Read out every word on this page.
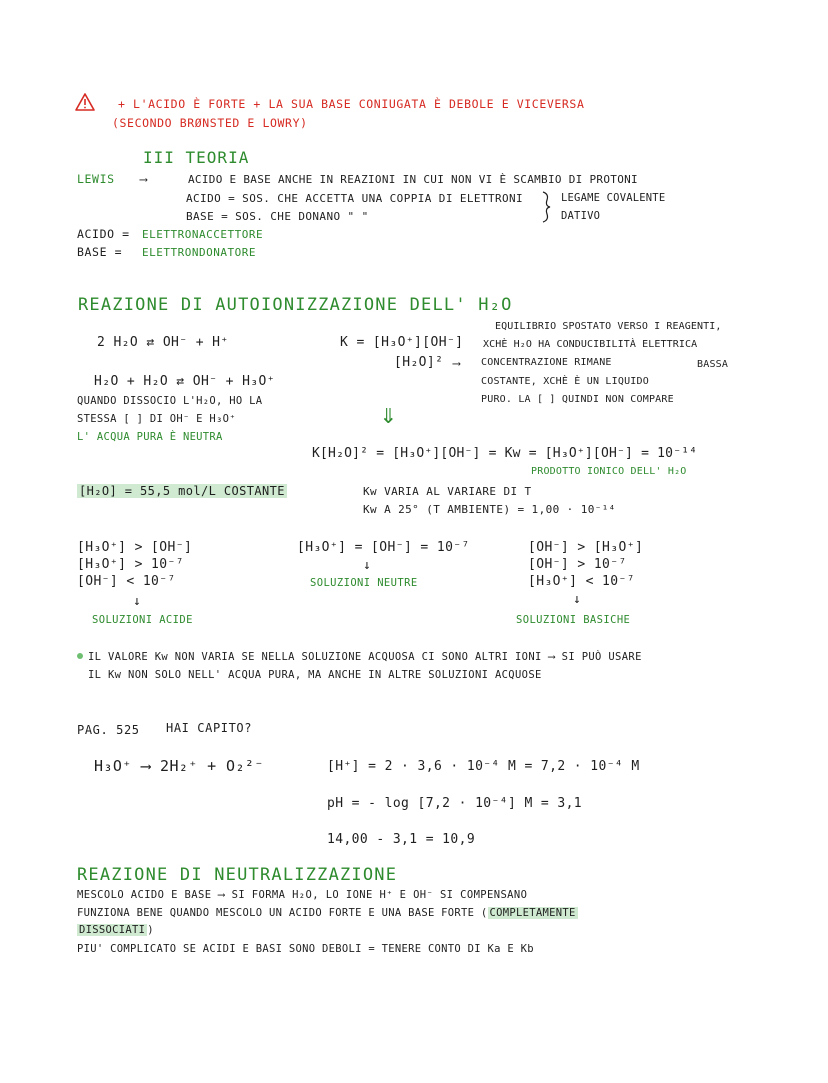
+ L'ACIDO È FORTE + LA SUA BASE CONIUGATA È DEBOLE E VICEVERSA
(SECONDO BRØNSTED E LOWRY)
III TEORIA
LEWIS ⟶	ACIDO E BASE ANCHE IN REAZIONI IN CUI NON VI È SCAMBIO DI PROTONI
ACIDO = SOS. CHE ACCETTA UNA COPPIA DI ELETTRONI
BASE = SOS. CHE DONANO " "
LEGAME COVALENTE
DATIVO
ACIDO = ELETTRONACCETTORE
BASE = ELETTRONDONATORE
REAZIONE DI AUTOIONIZZAZIONE DELL' H₂O
2 H₂O ⇄ OH⁻ + H⁺
H₂O + H₂O ⇄ OH⁻ + H₃O⁺
QUANDO DISSOCIO L'H₂O, HO LA
STESSA [ ] DI OH⁻ E H₃O⁺
L' ACQUA PURA È NEUTRA
K = [H₃O⁺][OH⁻]
[H₂O]² ⟶ CONCENTRAZIONE RIMANE	BASSA
EQUILIBRIO SPOSTATO VERSO I REAGENTI,
XCHÈ H₂O HA CONDUCIBILITÀ ELETTRICA
COSTANTE, XCHÈ È UN LIQUIDO
PURO. LA [ ] QUINDI NON COMPARE
⇓
K[H₂O]² = [H₃O⁺][OH⁻] = Kw = [H₃O⁺][OH⁻] = 10⁻¹⁴
PRODOTTO IONICO DELL' H₂O
[H₂O] = 55,5 mol/L COSTANTE	Kw VARIA AL VARIARE DI T
Kw A 25° (T AMBIENTE) = 1,00 · 10⁻¹⁴
[H₃O⁺] > [OH⁻]
[H₃O⁺] > 10⁻⁷
[OH⁻] < 10⁻⁷
↓
SOLUZIONI ACIDE
[H₃O⁺] = [OH⁻] = 10⁻⁷
↓
SOLUZIONI NEUTRE
[OH⁻] > [H₃O⁺]
[OH⁻] > 10⁻⁷
[H₃O⁺] < 10⁻⁷
↓
SOLUZIONI BASICHE
IL VALORE Kw NON VARIA SE NELLA SOLUZIONE ACQUOSA CI SONO ALTRI IONI ⟶ SI PUÒ USARE
IL Kw NON SOLO NELL' ACQUA PURA, MA ANCHE IN ALTRE SOLUZIONI ACQUOSE
PAG. 525 HAI CAPITO?
H₃O⁺ ⟶ 2H₂⁺ + O₂²⁻	[H⁺] = 2 · 3,6 · 10⁻⁴ M = 7,2 · 10⁻⁴ M
pH = - log [7,2 · 10⁻⁴] M = 3,1
14,00 - 3,1 = 10,9
REAZIONE DI NEUTRALIZZAZIONE
MESCOLO ACIDO E BASE ⟶ SI FORMA H₂O, LO IONE H⁺ E OH⁻ SI COMPENSANO
FUNZIONA BENE QUANDO MESCOLO UN ACIDO FORTE E UNA BASE FORTE ( COMPLETAMENTE
DISSOCIATI )
PIU' COMPLICATO SE ACIDI E BASI SONO DEBOLI = TENERE CONTO DI Ka E Kb
